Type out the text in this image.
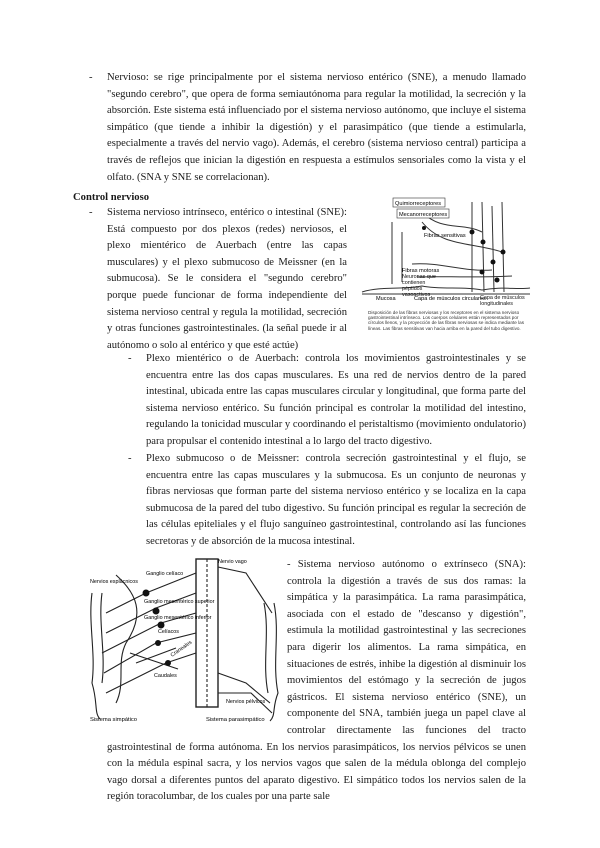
- Nervioso: se rige principalmente por el sistema nervioso entérico (SNE), a menudo llamado "segundo cerebro", que opera de forma semiautónoma para regular la motilidad, la secreción y la absorción. Este sistema está influenciado por el sistema nervioso autónomo, que incluye el sistema simpático (que tiende a inhibir la digestión) y el parasimpático (que tiende a estimularla, especialmente a través del nervio vago). Además, el cerebro (sistema nervioso central) participa a través de reflejos que inician la digestión en respuesta a estímulos sensoriales como la vista y el olfato. (SNA y SNE se correlacionan).
Control nervioso
- Sistema nervioso intrínseco, entérico o intestinal (SNE): Está compuesto por dos plexos (redes) nerviosos, el plexo mientérico de Auerbach (entre las capas musculares) y el plexo submucoso de Meissner (en la submucosa). Se le considera el "segundo cerebro" porque puede funcionar de forma independiente del sistema nervioso central y regula la motilidad, secreción y otras funciones gastrointestinales. (la señal puede ir al autónomo o solo al entérico y que esté actúe)
Quimiorreceptores
Mecanorreceptores
Fibras sensitivas
Fibras motoras
Neuronas que contienen péptidos vasoactivos
Mucosa	Capa de músculos circulares
Capa de músculos longitudinales
Disposición de las fibras nerviosas y los receptores en el sistema nervioso gastrointestinal intrínseco. Los cuerpos celulares están representados por círculos llenos, y la proyección de las fibras nerviosas se indica mediante las líneas. Las fibras sensitivas van hacia arriba en la pared del tubo digestivo.
- Plexo mientérico o de Auerbach: controla los movimientos gastrointestinales y se encuentra entre las dos capas musculares. Es una red de nervios dentro de la pared intestinal, ubicada entre las capas musculares circular y longitudinal, que forma parte del sistema nervioso entérico. Su función principal es controlar la motilidad del intestino, regulando la tonicidad muscular y coordinando el peristaltismo (movimiento ondulatorio) para propulsar el contenido intestinal a lo largo del tracto digestivo.
- Plexo submucoso o de Meissner: controla secreción gastrointestinal y el flujo, se encuentra entre las capas musculares y la submucosa. Es un conjunto de neuronas y fibras nerviosas que forman parte del sistema nervioso entérico y se localiza en la capa submucosa de la pared del tubo digestivo. Su función principal es regular la secreción de las células epiteliales y el flujo sanguíneo gastrointestinal, controlando así las funciones secretoras y de absorción de la mucosa intestinal.
Nervio vago
Ganglio celíaco
Ganglio mesentérico superior
Ganglio mesentérico inferior
Nervios esplácnicos
Celíacos
Craneales
Caudales
Nervios pélvicos
Sistema simpático	Sistema parasimpático
- Sistema nervioso autónomo o extrínseco (SNA): controla la digestión a través de sus dos ramas: la simpática y la parasimpática. La rama parasimpática, asociada con el estado de "descanso y digestión", estimula la motilidad gastrointestinal y las secreciones para digerir los alimentos. La rama simpática, en situaciones de estrés, inhibe la digestión al disminuir los movimientos del estómago y la secreción de jugos gástricos. El sistema nervioso entérico (SNE), un componente del SNA, también juega un papel clave al controlar directamente las funciones del tracto gastrointestinal de forma autónoma. En los nervios parasimpáticos, los nervios pélvicos se unen con la médula espinal sacra, y los nervios vagos que salen de la médula oblonga del complejo vago dorsal a diferentes puntos del aparato digestivo. El simpático todos los nervios salen de la región toracolumbar, de los cuales por una parte sale
